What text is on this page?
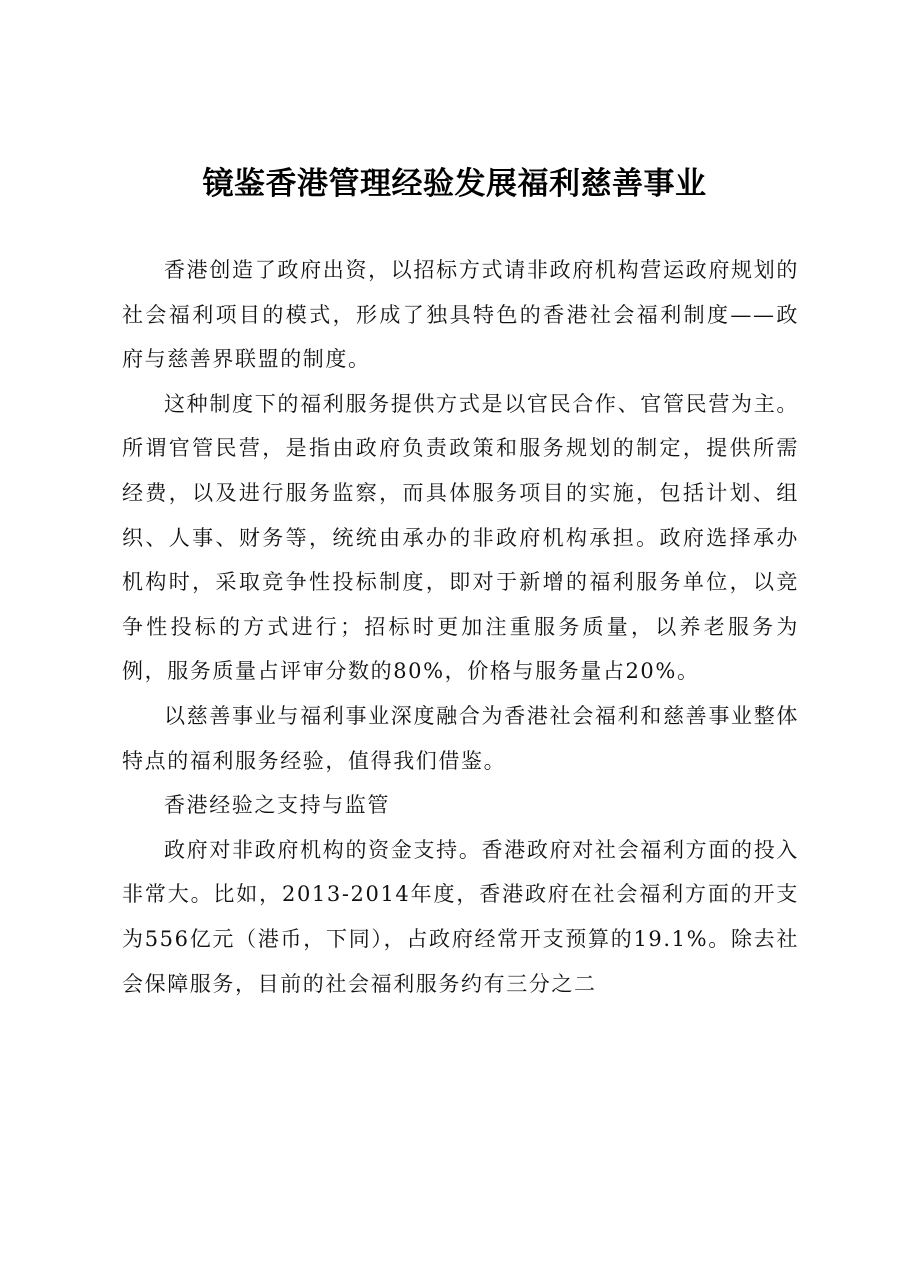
镜鉴香港管理经验发展福利慈善事业

香港创造了政府出资，以招标方式请非政府机构营运政府规划的社会福利项目的模式，形成了独具特色的香港社会福利制度——政府与慈善界联盟的制度。

这种制度下的福利服务提供方式是以官民合作、官管民营为主。所谓官管民营，是指由政府负责政策和服务规划的制定，提供所需经费，以及进行服务监察，而具体服务项目的实施，包括计划、组织、人事、财务等，统统由承办的非政府机构承担。政府选择承办机构时，采取竞争性投标制度，即对于新增的福利服务单位，以竞争性投标的方式进行；招标时更加注重服务质量，以养老服务为例，服务质量占评审分数的80%，价格与服务量占20%。

以慈善事业与福利事业深度融合为香港社会福利和慈善事业整体特点的福利服务经验，值得我们借鉴。

香港经验之支持与监管

政府对非政府机构的资金支持。香港政府对社会福利方面的投入非常大。比如，2013-2014年度，香港政府在社会福利方面的开支为556亿元（港币，下同），占政府经常开支预算的19.1%。除去社会保障服务，目前的社会福利服务约有三分之二
